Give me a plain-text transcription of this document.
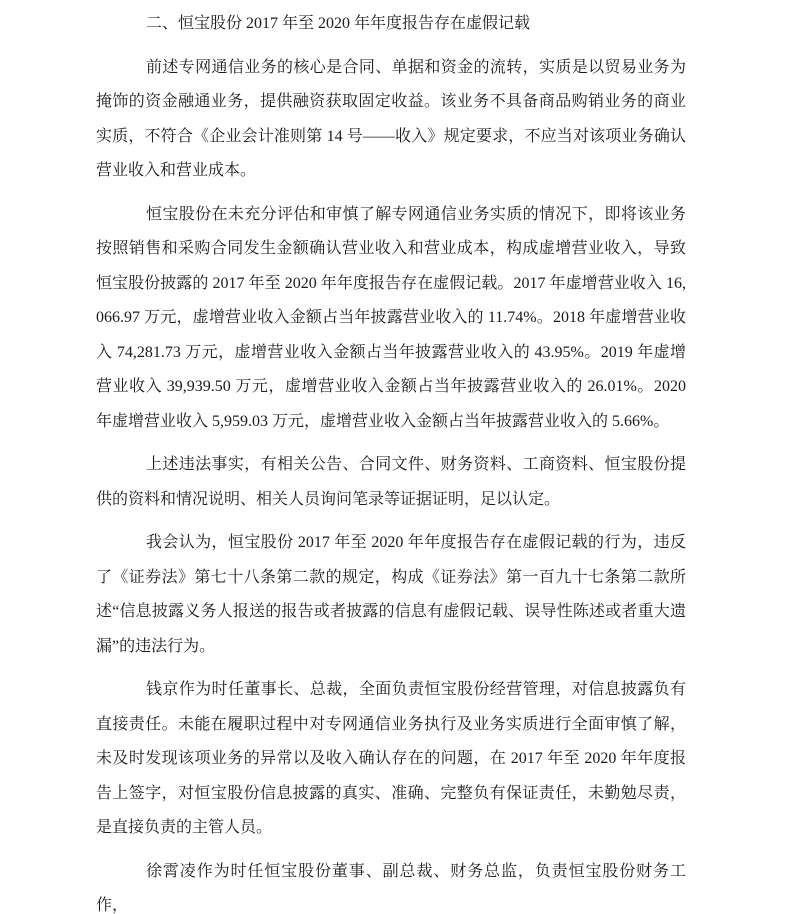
二、恒宝股份 2017 年至 2020 年年度报告存在虚假记载

前述专网通信业务的核心是合同、单据和资金的流转，实质是以贸易业务为掩饰的资金融通业务，提供融资获取固定收益。该业务不具备商品购销业务的商业实质，不符合《企业会计准则第 14 号——收入》规定要求，不应当对该项业务确认营业收入和营业成本。

恒宝股份在未充分评估和审慎了解专网通信业务实质的情况下，即将该业务按照销售和采购合同发生金额确认营业收入和营业成本，构成虚增营业收入，导致恒宝股份披露的 2017 年至 2020 年年度报告存在虚假记载。2017 年虚增营业收入 16,066.97 万元，虚增营业收入金额占当年披露营业收入的 11.74%。2018 年虚增营业收入 74,281.73 万元，虚增营业收入金额占当年披露营业收入的 43.95%。2019 年虚增营业收入 39,939.50 万元，虚增营业收入金额占当年披露营业收入的 26.01%。2020 年虚增营业收入 5,959.03 万元，虚增营业收入金额占当年披露营业收入的 5.66%。

上述违法事实，有相关公告、合同文件、财务资料、工商资料、恒宝股份提供的资料和情况说明、相关人员询问笔录等证据证明，足以认定。

我会认为，恒宝股份 2017 年至 2020 年年度报告存在虚假记载的行为，违反了《证券法》第七十八条第二款的规定，构成《证券法》第一百九十七条第二款所述“信息披露义务人报送的报告或者披露的信息有虚假记载、误导性陈述或者重大遗漏”的违法行为。

钱京作为时任董事长、总裁，全面负责恒宝股份经营管理，对信息披露负有直接责任。未能在履职过程中对专网通信业务执行及业务实质进行全面审慎了解，未及时发现该项业务的异常以及收入确认存在的问题，在 2017 年至 2020 年年度报告上签字，对恒宝股份信息披露的真实、准确、完整负有保证责任，未勤勉尽责，是直接负责的主管人员。

徐霄凌作为时任恒宝股份董事、副总裁、财务总监，负责恒宝股份财务工作，
